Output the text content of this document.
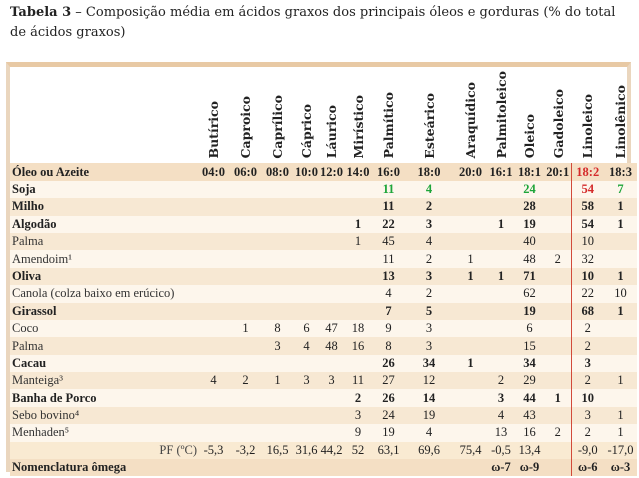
Tabela 3 – Composição média em ácidos graxos dos principais óleos e gorduras (% do total de ácidos graxos)
	Butírico	Caproico	Caprílico	Cáprico	Láurico	Mirístico	Palmítico	Esteárico	Araquídico	Palmitoleico	Oleico	Gadoleico	Linoleico	Linolênico
Óleo ou Azeite	04:0	06:0	08:0	10:0	12:0	14:0	16:0	18:0	20:0	16:1	18:1	20:1	18:2	18:3
Soja							11	4			24		54	7
Milho							11	2			28		58	1
Algodão						1	22	3		1	19		54	1
Palma						1	45	4			40		10	
Amendoim¹							11	2	1		48	2	32	
Oliva							13	3	1	1	71		10	1
Canola (colza baixo em erúcico)							4	2			62		22	10
Girassol							7	5			19		68	1
Coco		1	8	6	47	18	9	3			6		2	
Palma			3	4	48	16	8	3			15		2	
Cacau							26	34	1		34		3	
Manteiga³	4	2	1	3	3	11	27	12		2	29		2	1
Banha de Porco						2	26	14		3	44	1	10	
Sebo bovino⁴						3	24	19		4	43		3	1
Menhaden⁵						9	19	4		13	16	2	2	1
PF (ºC)	-5,3	-3,2	16,5	31,6	44,2	52	63,1	69,6	75,4	-0,5	13,4		-9,0	-17,0
Nomenclatura ômega										ω-7	ω-9		ω-6	ω-3
